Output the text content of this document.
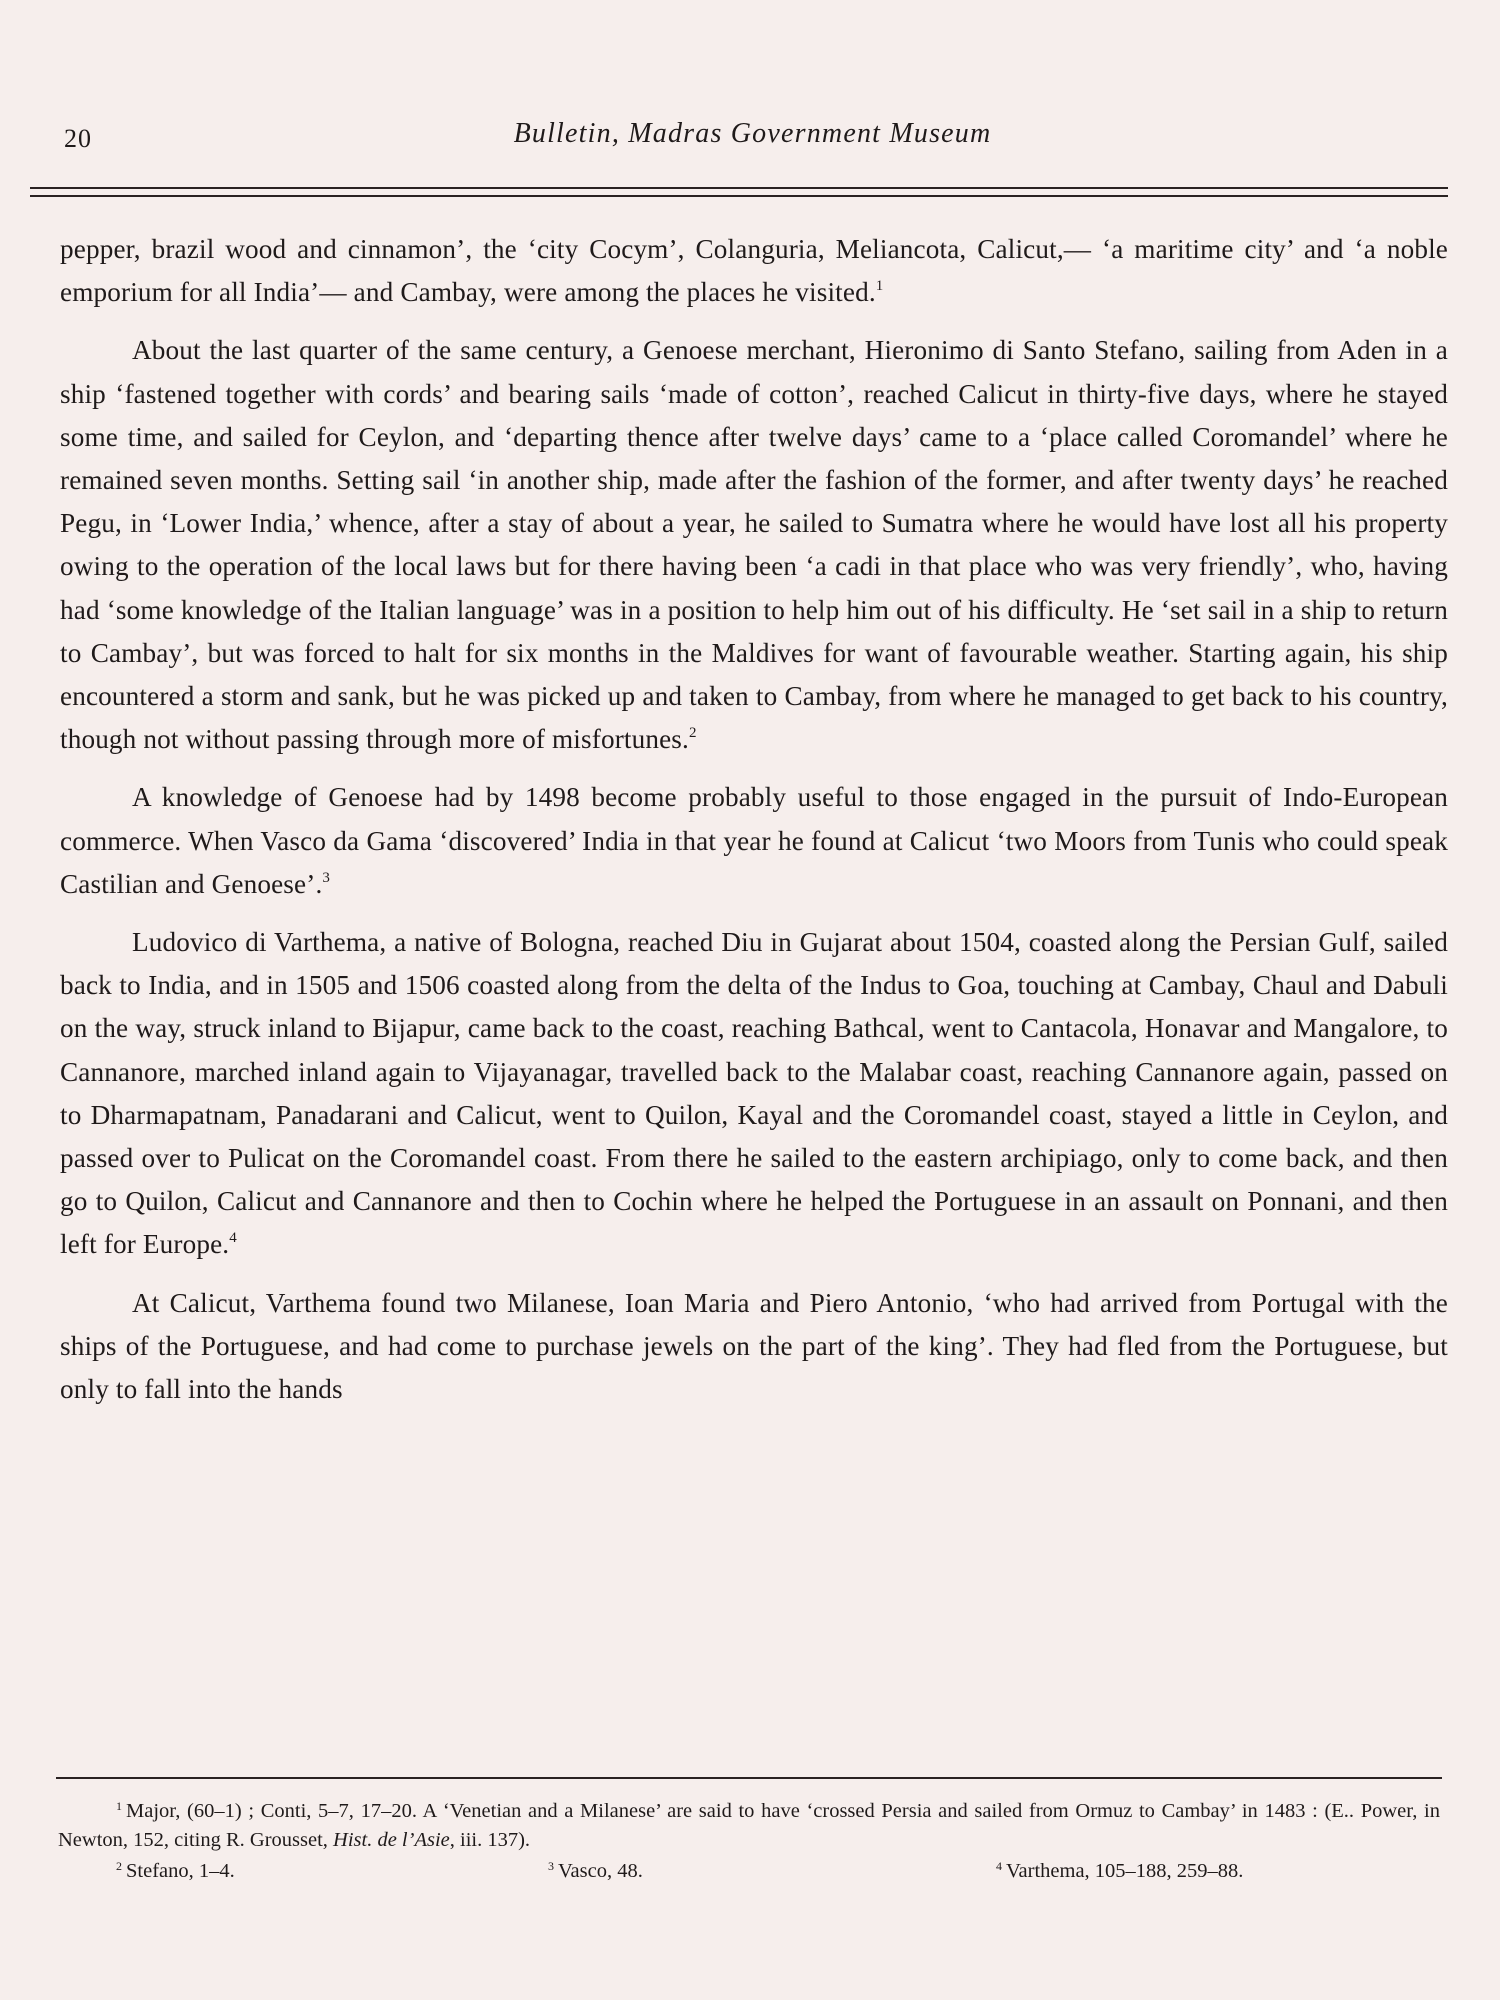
20	Bulletin, Madras Government Museum

pepper, brazil wood and cinnamon’, the ‘city Cocym’, Colanguria, Meliancota, Calicut,— ‘a maritime city’ and ‘a noble emporium for all India’— and Cambay, were among the places he visited.$^1$

About the last quarter of the same century, a Genoese merchant, Hieronimo di Santo Stefano, sailing from Aden in a ship ‘fastened together with cords’ and bearing sails ‘made of cotton’, reached Calicut in thirty-five days, where he stayed some time, and sailed for Ceylon, and ‘departing thence after twelve days’ came to a ‘place called Coromandel’ where he remained seven months. Setting sail ‘in another ship, made after the fashion of the former, and after twenty days’ he reached Pegu, in ‘Lower India,’ whence, after a stay of about a year, he sailed to Sumatra where he would have lost all his property owing to the operation of the local laws but for there having been ‘a cadi in that place who was very friendly’, who, having had ‘some knowledge of the Italian language’ was in a position to help him out of his difficulty. He ‘set sail in a ship to return to Cambay’, but was forced to halt for six months in the Maldives for want of favourable weather. Starting again, his ship encountered a storm and sank, but he was picked up and taken to Cambay, from where he managed to get back to his country, though not without passing through more of misfortunes.$^2$

A knowledge of Genoese had by 1498 become probably useful to those engaged in the pursuit of Indo-European commerce. When Vasco da Gama ‘discovered’ India in that year he found at Calicut ‘two Moors from Tunis who could speak Castilian and Genoese’.$^3$

Ludovico di Varthema, a native of Bologna, reached Diu in Gujarat about 1504, coasted along the Persian Gulf, sailed back to India, and in 1505 and 1506 coasted along from the delta of the Indus to Goa, touching at Cambay, Chaul and Dabuli on the way, struck inland to Bijapur, came back to the coast, reaching Bathcal, went to Cantacola, Honavar and Mangalore, to Cannanore, marched inland again to Vijayanagar, travelled back to the Malabar coast, reaching Cannanore again, passed on to Dharmapatnam, Panadarani and Calicut, went to Quilon, Kayal and the Coromandel coast, stayed a little in Ceylon, and passed over to Pulicat on the Coromandel coast. From there he sailed to the eastern archipiago, only to come back, and then go to Quilon, Calicut and Cannanore and then to Cochin where he helped the Portuguese in an assault on Ponnani, and then left for Europe.$^4$

At Calicut, Varthema found two Milanese, Ioan Maria and Piero Antonio, ‘who had arrived from Portugal with the ships of the Portuguese, and had come to purchase jewels on the part of the king’. They had fled from the Portuguese, but only to fall into the hands

$^1$ Major, (60–1) ; Conti, 5–7, 17–20. A ‘Venetian and a Milanese’ are said to have ‘crossed Persia and sailed from Ormuz to Cambay’ in 1483 : (E.. Power, in Newton, 152, citing R. Grousset, Hist. de l’Asie, iii. 137).

$^2$ Stefano, 1–4.	$^3$ Vasco, 48.	$^4$ Varthema, 105–188, 259–88.
